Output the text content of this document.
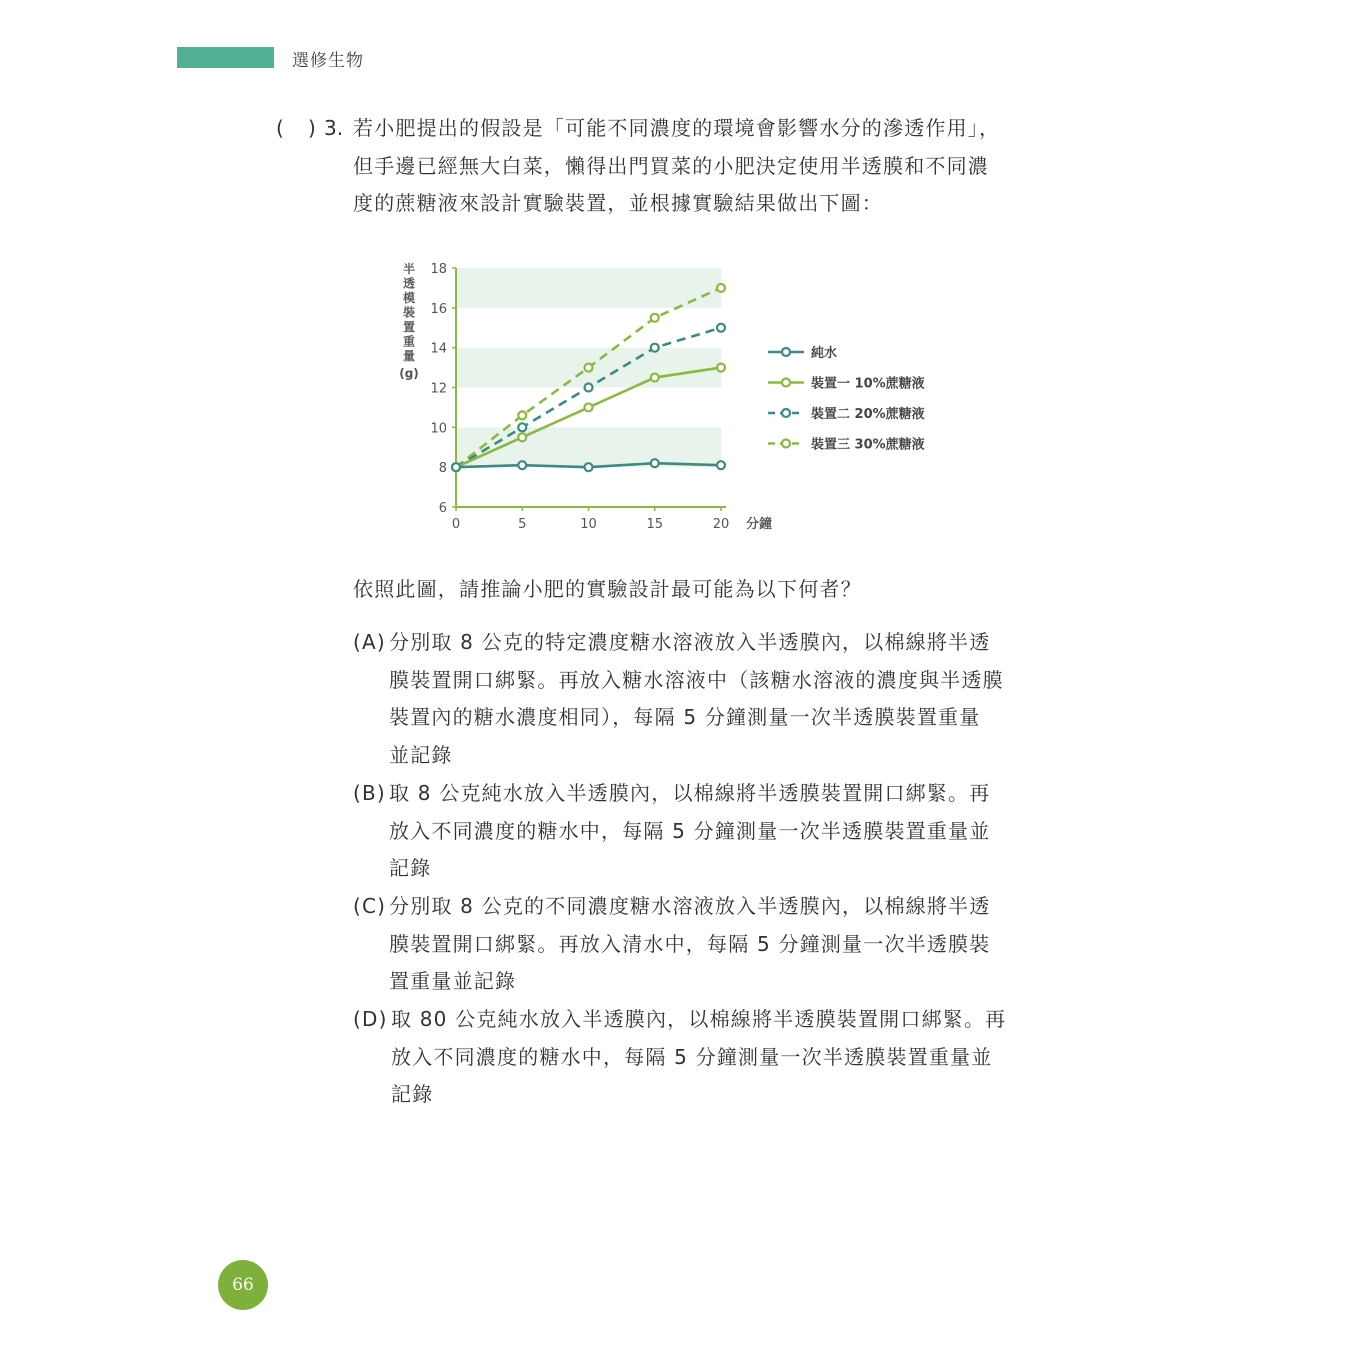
選修生物
( ) 3. 若小肥提出的假設是「可能不同濃度的環境會影響水分的滲透作用」，
但手邊已經無大白菜，懶得出門買菜的小肥決定使用半透膜和不同濃
度的蔗糖液來設計實驗裝置，並根據實驗結果做出下圖：
6
8
10
12
14
16
18
0	5	10	15	20 分鐘
半
透
模
裝
置
重
量
(g)
純水
裝置一 10%蔗糖液
裝置二 20%蔗糖液
裝置三 30%蔗糖液
依照此圖，請推論小肥的實驗設計最可能為以下何者？
(A) 分別取 8 公克的特定濃度糖水溶液放入半透膜內，以棉線將半透
膜裝置開口綁緊。再放入糖水溶液中（該糖水溶液的濃度與半透膜
裝置內的糖水濃度相同），每隔 5 分鐘測量一次半透膜裝置重量
並記錄
(B) 取 8 公克純水放入半透膜內，以棉線將半透膜裝置開口綁緊。再
放入不同濃度的糖水中，每隔 5 分鐘測量一次半透膜裝置重量並
記錄
(C) 分別取 8 公克的不同濃度糖水溶液放入半透膜內，以棉線將半透
膜裝置開口綁緊。再放入清水中，每隔 5 分鐘測量一次半透膜裝
置重量並記錄
(D) 取 80 公克純水放入半透膜內，以棉線將半透膜裝置開口綁緊。再
放入不同濃度的糖水中，每隔 5 分鐘測量一次半透膜裝置重量並
記錄
66
